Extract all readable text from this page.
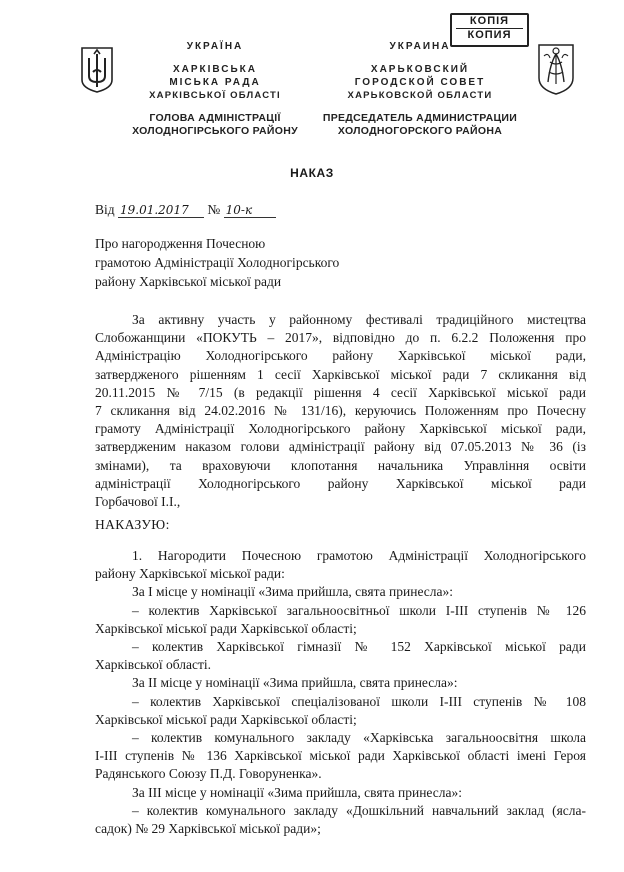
КОПІЯ
КОПИЯ
УКРАЇНА
ХАРКІВСЬКА
МІСЬКА РАДА
ХАРКІВСЬКОЇ ОБЛАСТІ
ГОЛОВА АДМІНІСТРАЦІЇ
ХОЛОДНОГІРСЬКОГО РАЙОНУ
УКРАИНА
ХАРЬКОВСКИЙ
ГОРОДСКОЙ СОВЕТ
ХАРЬКОВСКОЙ ОБЛАСТИ
ПРЕДСЕДАТЕЛЬ АДМИНИСТРАЦИИ
ХОЛОДНОГОРСКОГО РАЙОНА
НАКАЗ
Від 19.01.2017 № 10-к
Про нагородження Почесною
грамотою Адміністрації Холодногірського
району Харківської міської ради
За активну участь у районному фестивалі традиційного мистецтва
Слобожанщини «ПОКУТЬ – 2017», відповідно до п. 6.2.2 Положення про
Адміністрацію Холодногірського району Харківської міської ради,
затвердженого рішенням 1 сесії Харківської міської ради 7 скликання від
20.11.2015 № 7/15 (в редакції рішення 4 сесії Харківської міської ради
7 скликання від 24.02.2016 № 131/16), керуючись Положенням про Почесну
грамоту Адміністрації Холодногірського району Харківської міської ради,
затвердженим наказом голови адміністрації району від 07.05.2013 № 36 (із
змінами), та враховуючи клопотання начальника Управління освіти
адміністрації Холодногірського району Харківської міської ради
Горбачової І.І.,
НАКАЗУЮ:
1. Нагородити Почесною грамотою Адміністрації Холодногірського
району Харківської міської ради:
За І місце у номінації «Зима прийшла, свята принесла»:
– колектив Харківської загальноосвітньої школи І-ІІІ ступенів № 126
Харківської міської ради Харківської області;
– колектив Харківської гімназії № 152 Харківської міської ради
Харківської області.
За ІІ місце у номінації «Зима прийшла, свята принесла»:
– колектив Харківської спеціалізованої школи І-ІІІ ступенів № 108
Харківської міської ради Харківської області;
– колектив комунального закладу «Харківська загальноосвітня школа
І-ІІІ ступенів № 136 Харківської міської ради Харківської області імені Героя
Радянського Союзу П.Д. Говоруненка».
За ІІІ місце у номінації «Зима прийшла, свята принесла»:
– колектив комунального закладу «Дошкільний навчальний заклад (ясла-
садок) № 29 Харківської міської ради»;
